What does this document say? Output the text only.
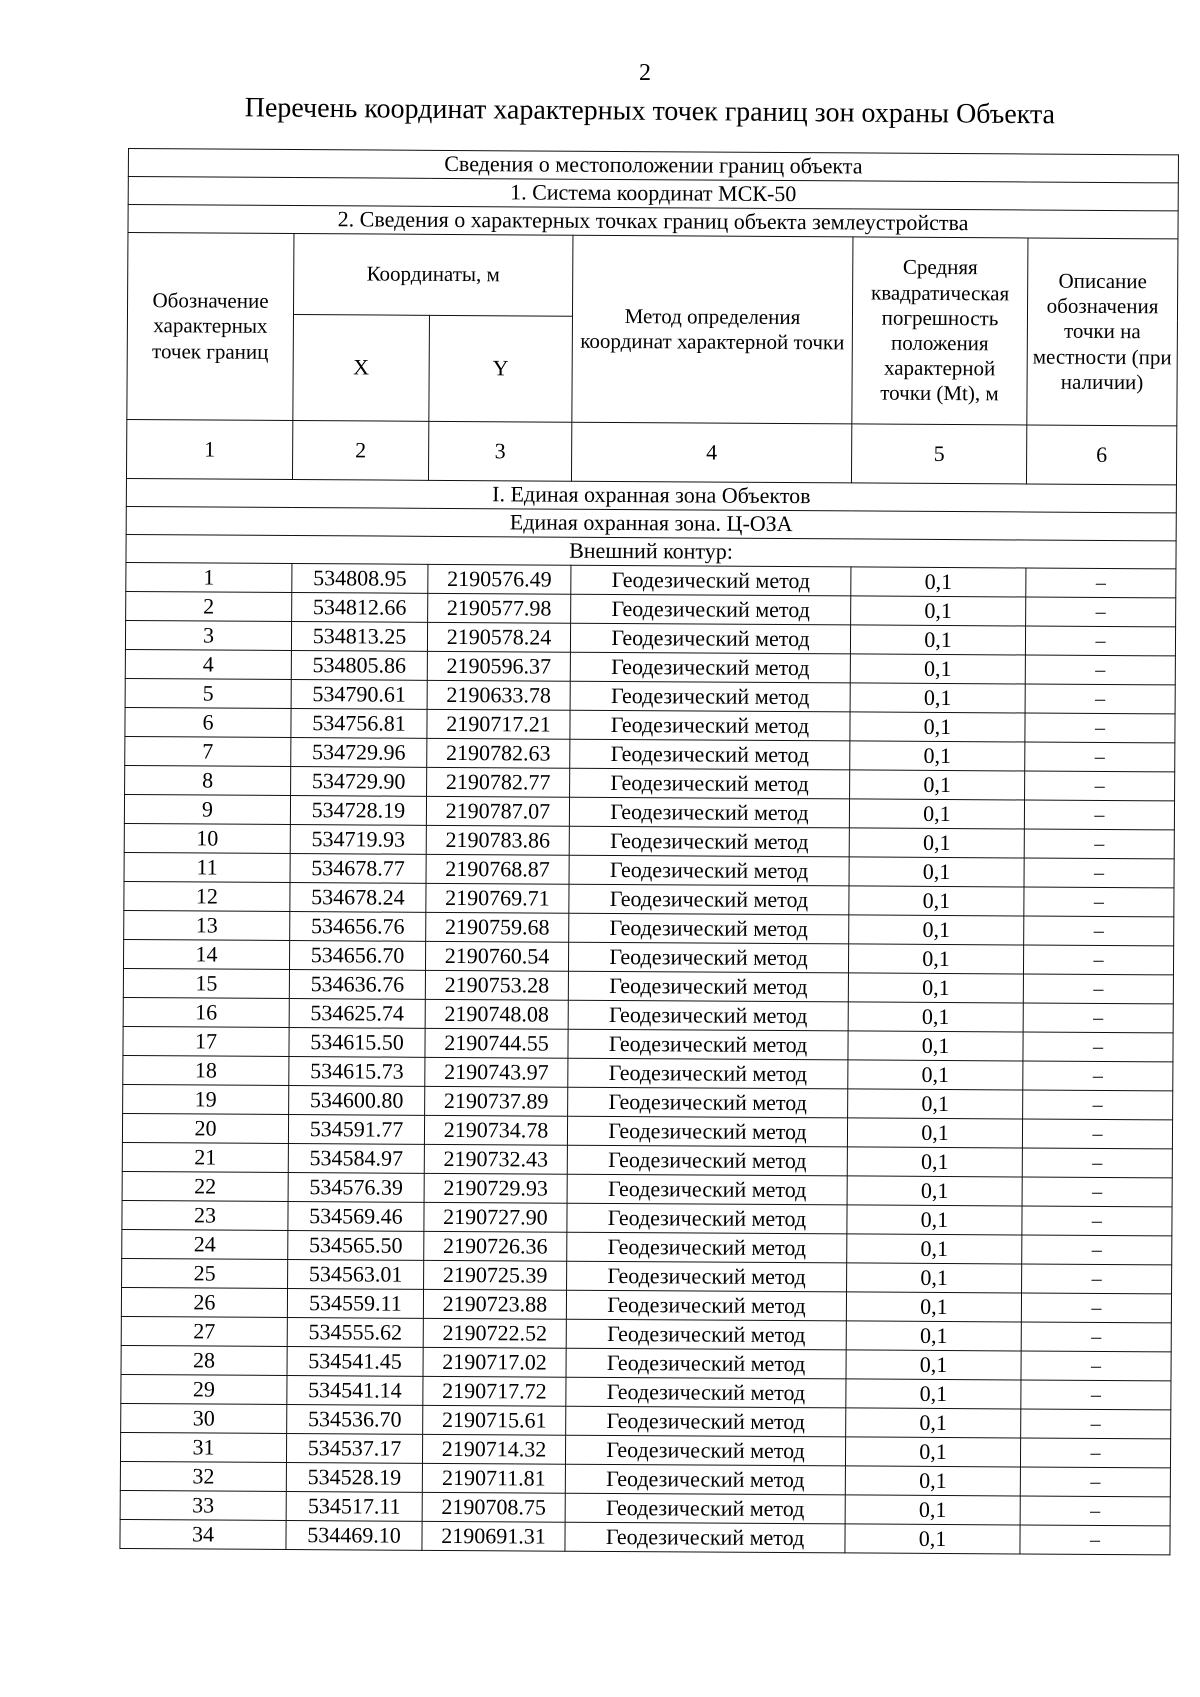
2
Перечень координат характерных точек границ зон охраны Объекта
Сведения о местоположении границ объекта					
1. Система координат МСК-50					
2. Сведения о характерных точках границ объекта землеустройства					
Обозначение характерных точек границ	Координаты, м		Метод определения координат характерной точки	Средняя квадратическая погрешность положения характерной точки (Mt), м	Описание обозначения точки на местности (при наличии)
	X	Y			
1	2	3	4	5	6
I. Единая охранная зона Объектов					
Единая охранная зона. Ц-ОЗА					
Внешний контур:					
1	534808.95	2190576.49	Геодезический метод	0,1	–
2	534812.66	2190577.98	Геодезический метод	0,1	–
3	534813.25	2190578.24	Геодезический метод	0,1	–
4	534805.86	2190596.37	Геодезический метод	0,1	–
5	534790.61	2190633.78	Геодезический метод	0,1	–
6	534756.81	2190717.21	Геодезический метод	0,1	–
7	534729.96	2190782.63	Геодезический метод	0,1	–
8	534729.90	2190782.77	Геодезический метод	0,1	–
9	534728.19	2190787.07	Геодезический метод	0,1	–
10	534719.93	2190783.86	Геодезический метод	0,1	–
11	534678.77	2190768.87	Геодезический метод	0,1	–
12	534678.24	2190769.71	Геодезический метод	0,1	–
13	534656.76	2190759.68	Геодезический метод	0,1	–
14	534656.70	2190760.54	Геодезический метод	0,1	–
15	534636.76	2190753.28	Геодезический метод	0,1	–
16	534625.74	2190748.08	Геодезический метод	0,1	–
17	534615.50	2190744.55	Геодезический метод	0,1	–
18	534615.73	2190743.97	Геодезический метод	0,1	–
19	534600.80	2190737.89	Геодезический метод	0,1	–
20	534591.77	2190734.78	Геодезический метод	0,1	–
21	534584.97	2190732.43	Геодезический метод	0,1	–
22	534576.39	2190729.93	Геодезический метод	0,1	–
23	534569.46	2190727.90	Геодезический метод	0,1	–
24	534565.50	2190726.36	Геодезический метод	0,1	–
25	534563.01	2190725.39	Геодезический метод	0,1	–
26	534559.11	2190723.88	Геодезический метод	0,1	–
27	534555.62	2190722.52	Геодезический метод	0,1	–
28	534541.45	2190717.02	Геодезический метод	0,1	–
29	534541.14	2190717.72	Геодезический метод	0,1	–
30	534536.70	2190715.61	Геодезический метод	0,1	–
31	534537.17	2190714.32	Геодезический метод	0,1	–
32	534528.19	2190711.81	Геодезический метод	0,1	–
33	534517.11	2190708.75	Геодезический метод	0,1	–
34	534469.10	2190691.31	Геодезический метод	0,1	–
